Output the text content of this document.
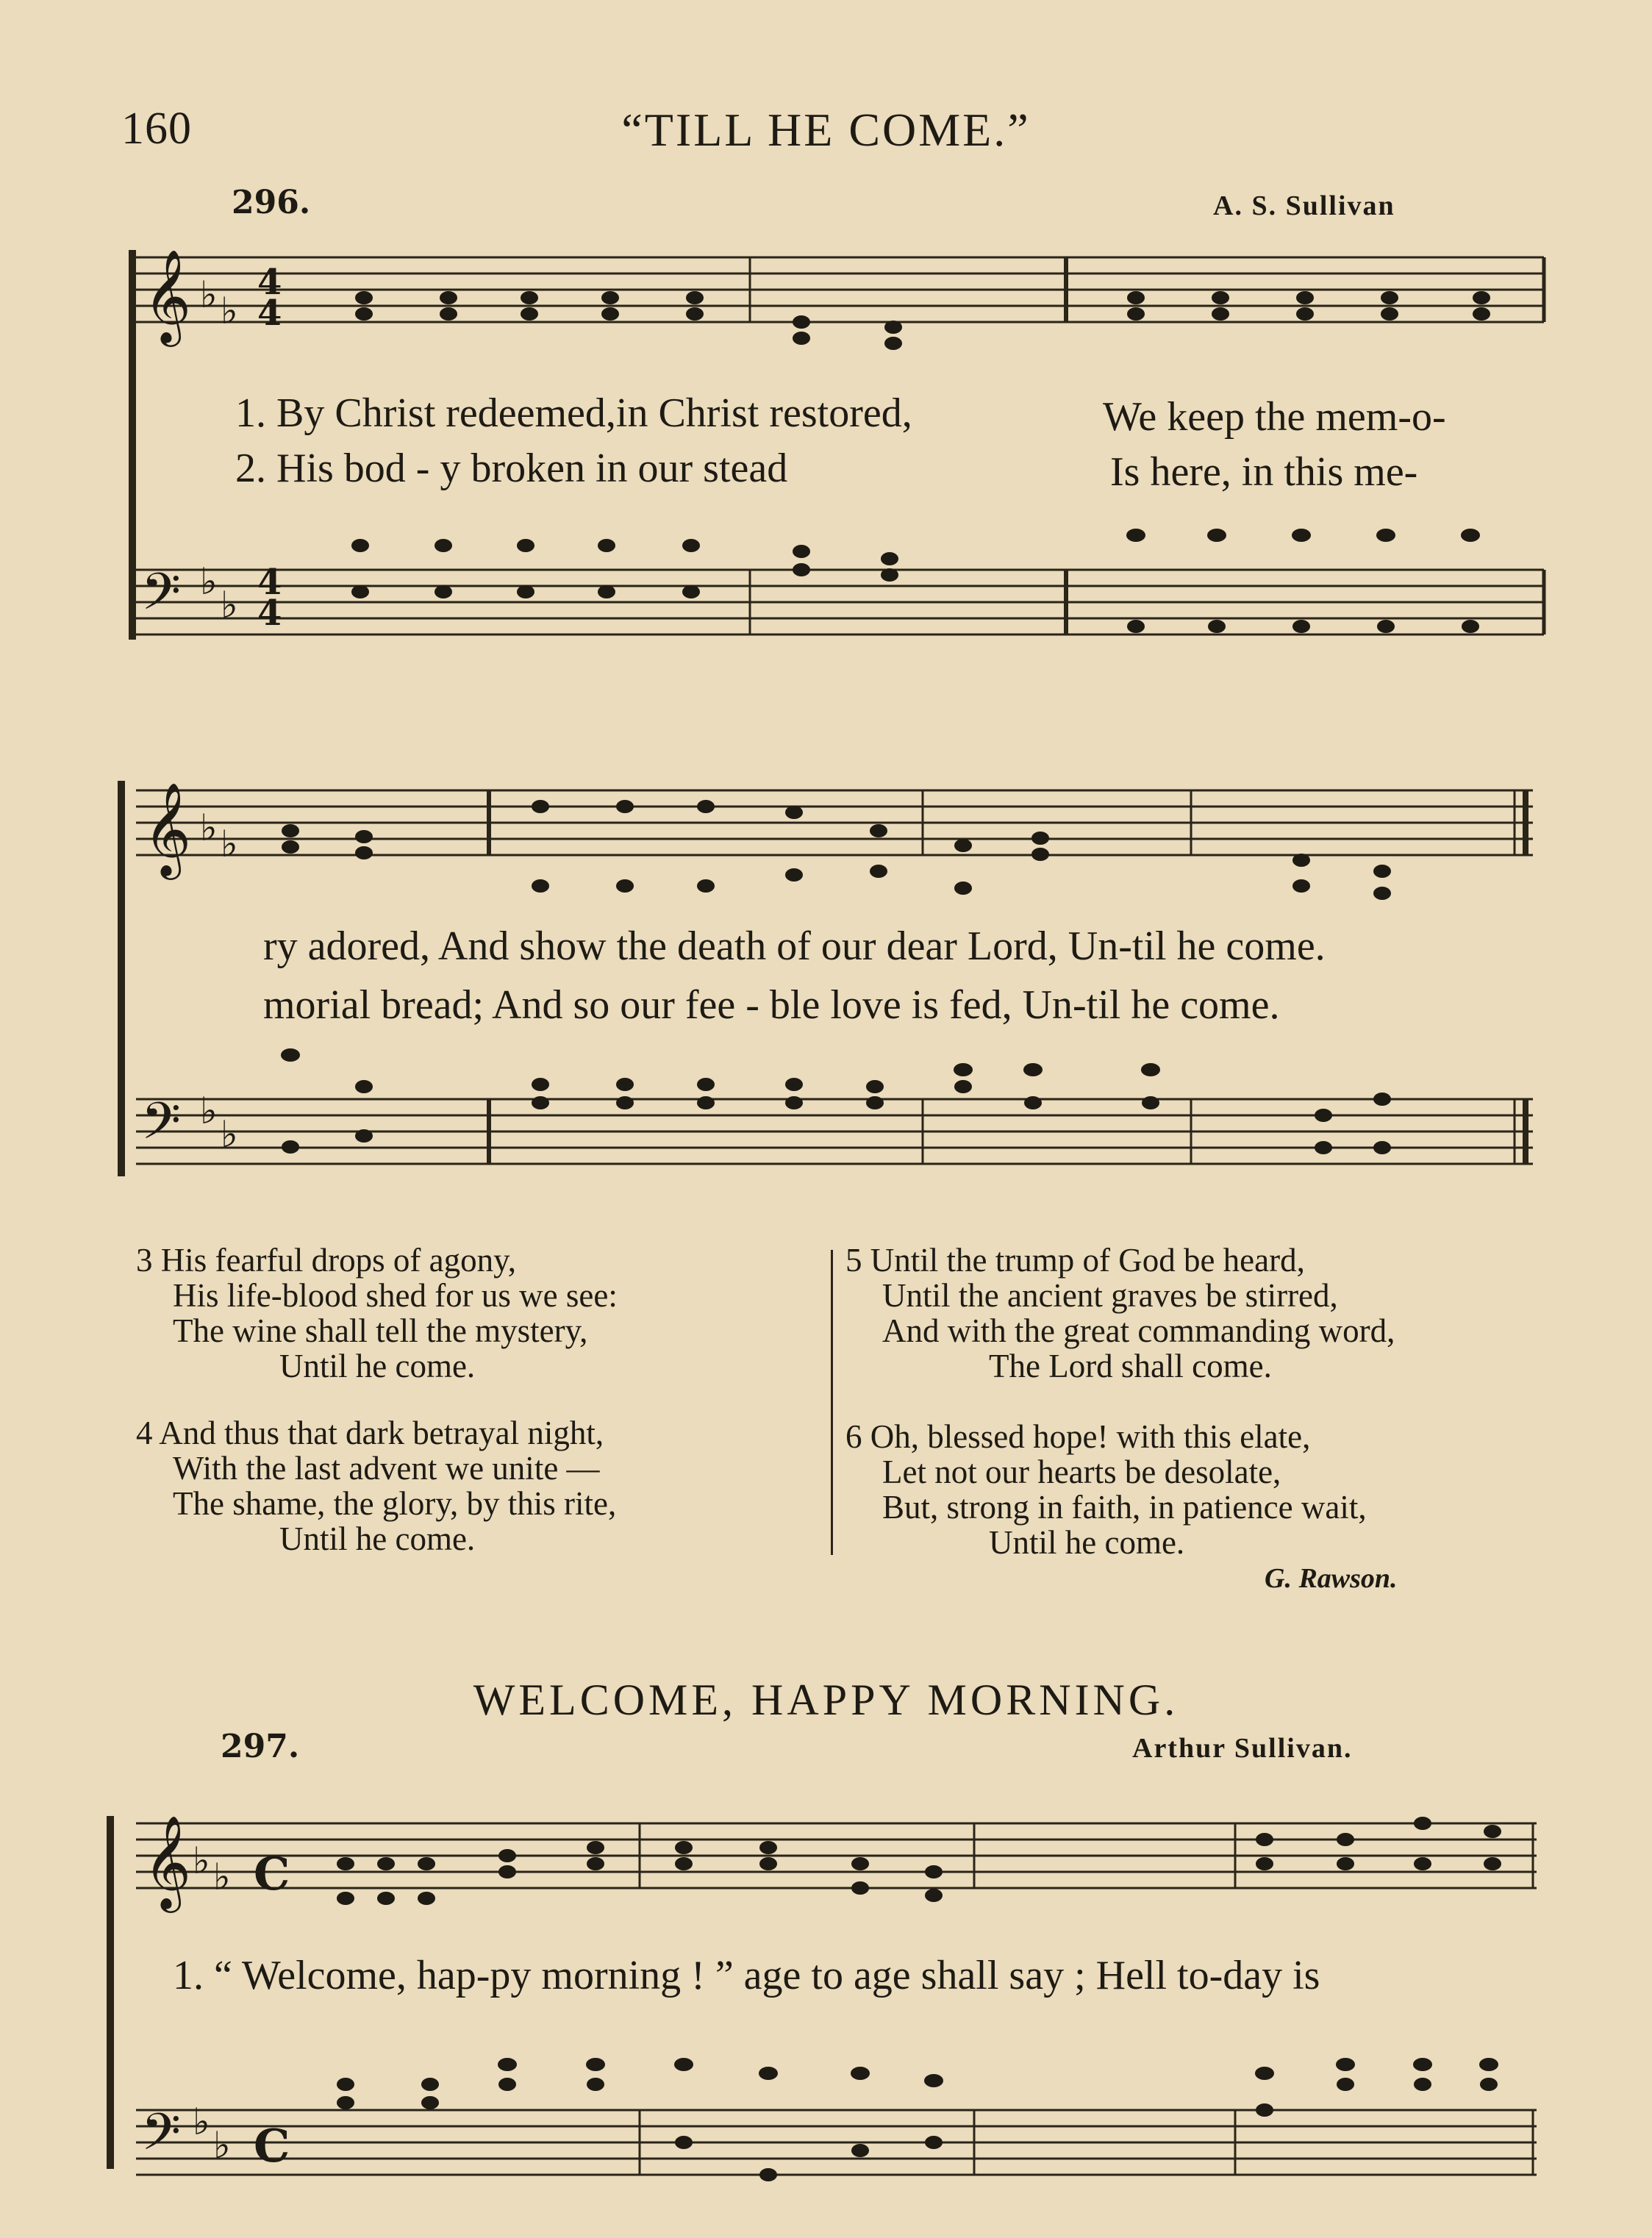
160	“TILL HE COME.”
296.	A. S. Sullivan
𝄞 ♭ ♭
4
4
𝄢 ♭
♭
4
4
1. By Christ redeemed,in Christ restored,	We keep the mem-o-
2. His bod - y broken in our stead	Is here, in this me-
𝄞 ♭ ♭
𝄢 ♭
♭
ry adored, And show the death of our dear Lord, Un-til he come.
morial bread; And so our fee - ble love is fed, Un-til he come.
3 His fearful drops of agony,
His life-blood shed for us we see:
The wine shall tell the mystery,
Until he come.
4 And thus that dark betrayal night,
With the last advent we unite —
The shame, the glory, by this rite,
Until he come.
5 Until the trump of God be heard,
Until the ancient graves be stirred,
And with the great commanding word,
The Lord shall come.
6 Oh, blessed hope! with this elate,
Let not our hearts be desolate,
But, strong in faith, in patience wait,
Until he come.
G. Rawson.
WELCOME, HAPPY MORNING.
297.	Arthur Sullivan.
𝄞 ♭ ♭ C
𝄢 ♭
♭ C
1. “ Welcome, hap-py morning ! ” age to age shall say ; Hell to-day is
